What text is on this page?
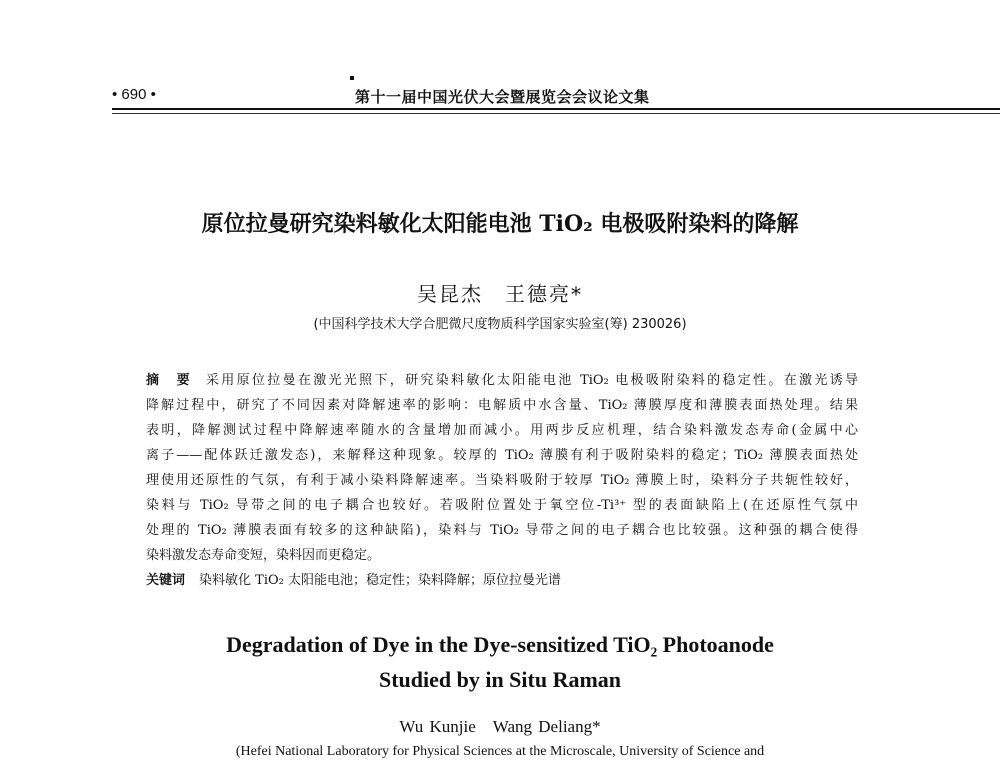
• 690 •	第十一届中国光伏大会暨展览会会议论文集
原位拉曼研究染料敏化太阳能电池 TiO₂ 电极吸附染料的降解
吴昆杰　王德亮*
(中国科学技术大学合肥微尺度物质科学国家实验室(筹) 230026)
摘　要 采用原位拉曼在激光光照下，研究染料敏化太阳能电池 TiO₂ 电极吸附染料的稳定性。在激光诱导
降解过程中，研究了不同因素对降解速率的影响：电解质中水含量、TiO₂ 薄膜厚度和薄膜表面热处理。结果
表明，降解测试过程中降解速率随水的含量增加而减小。用两步反应机理，结合染料激发态寿命(金属中心
离子——配体跃迁激发态)，来解释这种现象。较厚的 TiO₂ 薄膜有利于吸附染料的稳定；TiO₂ 薄膜表面热处
理使用还原性的气氛，有利于减小染料降解速率。当染料吸附于较厚 TiO₂ 薄膜上时，染料分子共轭性较好，
染料与 TiO₂ 导带之间的电子耦合也较好。若吸附位置处于氧空位-Ti³⁺ 型的表面缺陷上(在还原性气氛中
处理的 TiO₂ 薄膜表面有较多的这种缺陷)，染料与 TiO₂ 导带之间的电子耦合也比较强。这种强的耦合使得
染料激发态寿命变短，染料因而更稳定。
关键词 染料敏化 TiO₂ 太阳能电池；稳定性；染料降解；原位拉曼光谱
Degradation of Dye in the Dye-sensitized TiO₂ Photoanode
Studied by in Situ Raman
Wu Kunjie　Wang Deliang*
(Hefei National Laboratory for Physical Sciences at the Microscale, University of Science and
